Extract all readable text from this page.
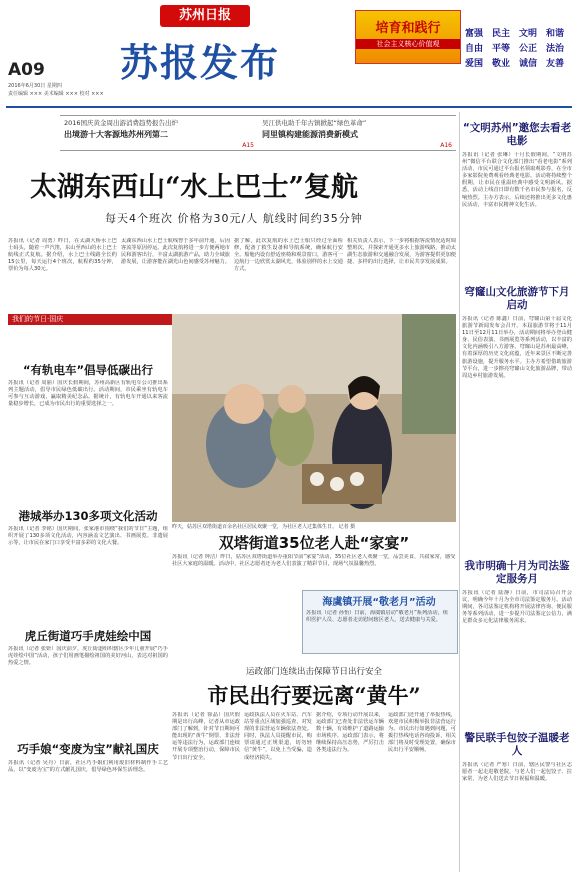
苏州日报
A09
2016年6月30日 星期四
责任编辑 ××× 美术编辑 ××× 校对 ×××
苏报发布
培育和践行
社会主义核心价值观
富强 民主 文明 和谐
自由 平等 公正 法治
爱国 敬业 诚信 友善
2016国庆黄金周出游消费趋势报告出炉
出境游十大客源地苏州列第二
A15
吴江供电助千年古镇掀起“绿色革命”
同里镇构建能源消费新模式
A16
太湖东西山“水上巴士”复航
每天4个班次 价格为30元/人 航线时间约35分钟
苏报讯（记者 周勇）昨日，在太湖大桥水上巴士码头，随着一声汽笛，东山至西山的水上巴士航线正式复航。据介绍，水上巴士线路全长约15公里，每天运行4个班次，航程约35分钟，票价为每人30元。
太湖东西山水上巴士航线曾于多年前开通，后因客流等原因停运。此次复航将进一步方便两地市民和游客出行，丰富太湖旅游产品，助力全域旅游发展，让游客能在湖光山色间感受苏州魅力。
据了解，此次复航的水上巴士船只经过全面检修，配备了救生设备和导航系统，确保航行安全。船舱内设有舒适座椅和观景窗口，游客可一边航行一边欣赏太湖风光，体验别样的水上交通方式。
相关负责人表示，下一步将根据客流情况适时调整班次，并探索开通更多水上旅游线路，推动太湖生态旅游和交通融合发展，为游客提供更加便捷、多样的出行选择，让市民共享发展成果。
“文明苏州”邀您去看老电影
苏报讯（记者 张琳）十月长假期间，“文明苏州”微信平台联合文化部门推出“看老电影”系列活动，市民可通过平台报名领取观影券，在全市多家影院免费观看经典老电影。活动将持续整个假期，让市民在重温经典中感受文明新风。据悉，活动上线首日即有数千名市民参与报名，反响热烈。主办方表示，后续还将推出更多文化惠民活动，丰富市民精神文化生活。
穹窿山文化旅游节下月启动
苏报讯（记者 陈鑫）日前，穹窿山第十届文化旅游节新闻发布会召开。本届旅游节将于11月11日至12月11日举办，活动期间将举办登山健身、民俗表演、书画展览等系列活动，以丰富的文化内涵吸引八方游客。穹窿山是苏州最高峰，有着深厚的历史文化底蕴，近年来景区不断完善旅游设施，提升服务水平。主办方希望借助旅游节平台，进一步擦亮穹窿山文化旅游品牌，带动周边乡村旅游发展。
我市明确十月为司法鉴定服务月
苏报讯（记者 陆静）日前，市司法局召开会议，明确今年十月为全市司法鉴定服务月。活动期间，各司法鉴定机构将开展法律咨询、便民服务等系列活动，进一步提升司法鉴定公信力，满足群众多元化法律服务需求。
警民联手包饺子温暖老人
苏报讯（记者 严寒）日前，辖区民警与社区志愿者一起走进敬老院，与老人们一起包饺子、拉家常，为老人们送去节日祝福和温暖。
我们的节日·国庆
“有轨电车”倡导低碳出行
苏报讯（记者 周丽）国庆长假期间，苏州高新区有轨电车公司推出系列主题活动，倡导市民绿色低碳出行。活动期间，市民乘坐有轨电车可参与互动游戏，赢取精美纪念品。据统计，有轨电车开通以来客流量稳步增长，已成为市民出行的重要选择之一。
港城举办130多项文化活动
苏报讯（记者 李铭）国庆期间，张家港市围绕“我们的节日”主题，组织开展了130多项文化活动，内容涵盖文艺演出、书画展览、非遗展示等，让市民在家门口享受丰富多彩的文化大餐。
虎丘街道巧手虎娃绘中国
苏报讯（记者 张妍）国庆前夕，虎丘街道组织辖区少年儿童开展“巧手虎娃绘中国”活动，孩子们用画笔描绘祖国的美好河山，表达对祖国的热爱之情。
巧手娘“变废为宝”献礼国庆
苏报讯（记者 吴丹）日前，社区巧手娘们利用废旧材料制作手工艺品，以“变废为宝”的方式献礼国庆，倡导绿色环保生活理念。
昨天，姑苏区双塔街道百余名社区居民欢聚一堂，为社区老人过集体生日。 记者 摄
双塔街道35位老人赴“家宴”
苏报讯（记者 钟洁）昨日，姑苏区双塔街道举办重阳节前“家宴”活动，35位社区老人欢聚一堂，品尝美食、共叙家常，感受社区大家庭的温暖。活动中，社区志愿者还为老人们表演了精彩节目，现场气氛温馨热烈。
海虞镇开展“敬老月”活动
苏报讯（记者 孙怡）日前，海虞镇启动“敬老月”系列活动，组织医护人员、志愿者走访慰问辖区老人，送去健康与关爱。
运政部门连续出击保障节日出行安全
市民出行要远离“黄牛”
苏报讯（记者 徐晶）国庆假期是出行高峰，记者从市运政部门了解到，针对节日期间可能出现的“黄牛”倒票、非法营运等违法行为，运政部门连续开展专项整治行动，保障市民节日出行安全。
运政执法人员在火车站、汽车站等重点区域加强巡查，对发现的非法营运车辆依法查处。同时，执法人员提醒市民，购票请通过正规渠道，切勿轻信“黄牛”，以免上当受骗，造成经济损失。
据介绍，专项行动开展以来，运政部门已查处非法营运车辆数十辆，有效维护了道路运输市场秩序。运政部门表示，将继续保持高压态势，严厉打击各类违法行为。
运政部门还开通了举报热线，欢迎市民积极举报非法营运行为。市民出行如遇到问题，可拨打热线电话咨询投诉，相关部门将及时受理处置，确保市民出行平安顺畅。
